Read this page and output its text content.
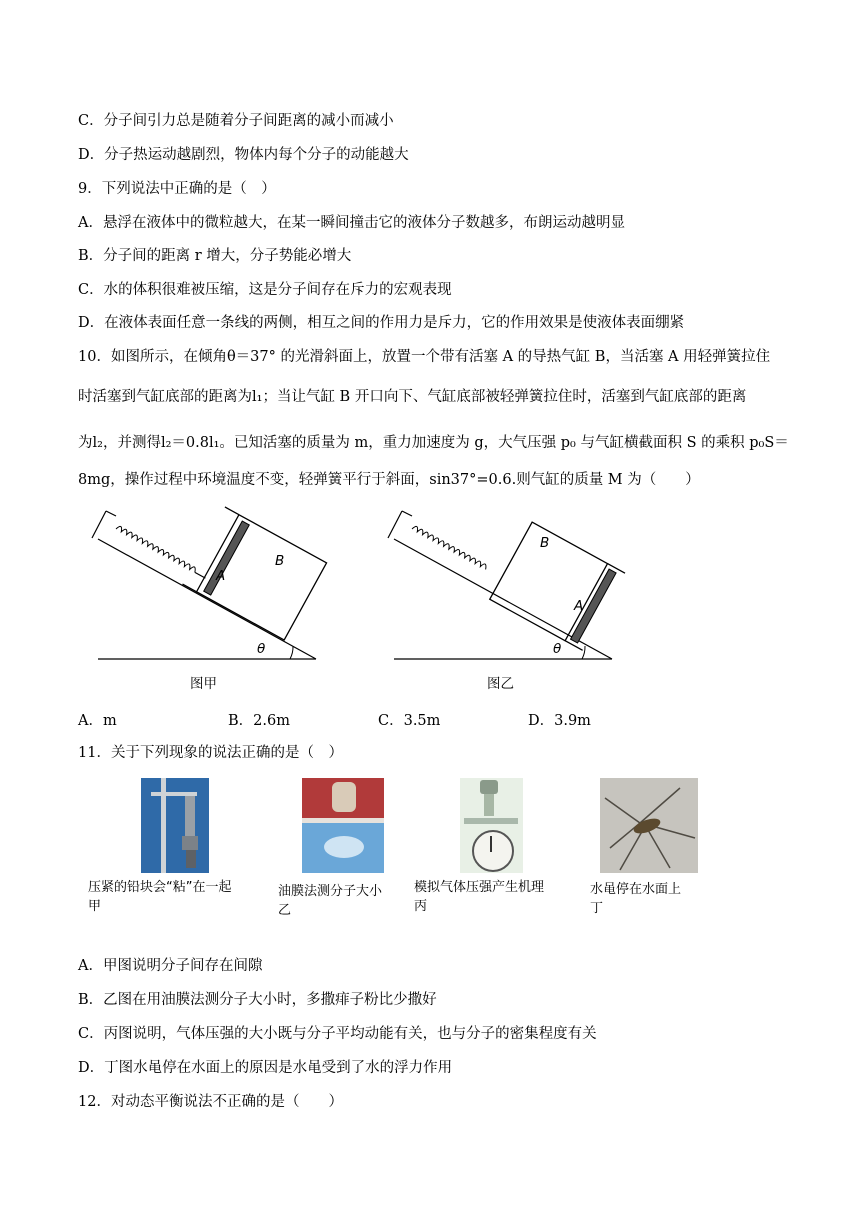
C．分子间引力总是随着分子间距离的减小而减小
D．分子热运动越剧烈，物体内每个分子的动能越大
9．下列说法中正确的是（　）
A．悬浮在液体中的微粒越大，在某一瞬间撞击它的液体分子数越多，布朗运动越明显
B．分子间的距离 r 增大，分子势能必增大
C．水的体积很难被压缩，这是分子间存在斥力的宏观表现
D．在液体表面任意一条线的两侧，相互之间的作用力是斥力，它的作用效果是使液体表面绷紧
10．如图所示，在倾角θ＝37° 的光滑斜面上，放置一个带有活塞 A 的导热气缸 B，当活塞 A 用轻弹簧拉住
时活塞到气缸底部的距离为l₁；当让气缸 B 开口向下、气缸底部被轻弹簧拉住时，活塞到气缸底部的距离
为l₂，并测得l₂＝0.8l₁。已知活塞的质量为 m，重力加速度为 g，大气压强 p₀ 与气缸横截面积 S 的乘积 p₀S＝
8mg，操作过程中环境温度不变，轻弹簧平行于斜面，sin37°=0.6.则气缸的质量 M 为（　　）
A
B
θ
图甲
A
B
θ
图乙
A．m	B．2.6m	C．3.5m	D．3.9m
11．关于下列现象的说法正确的是（　）
压紧的铅块会“粘”在一起
甲
油膜法测分子大小
乙
模拟气体压强产生机理
丙
水黾停在水面上
丁
A．甲图说明分子间存在间隙
B．乙图在用油膜法测分子大小时，多撒痱子粉比少撒好
C．丙图说明，气体压强的大小既与分子平均动能有关，也与分子的密集程度有关
D．丁图水黾停在水面上的原因是水黾受到了水的浮力作用
12．对动态平衡说法不正确的是（　　）
